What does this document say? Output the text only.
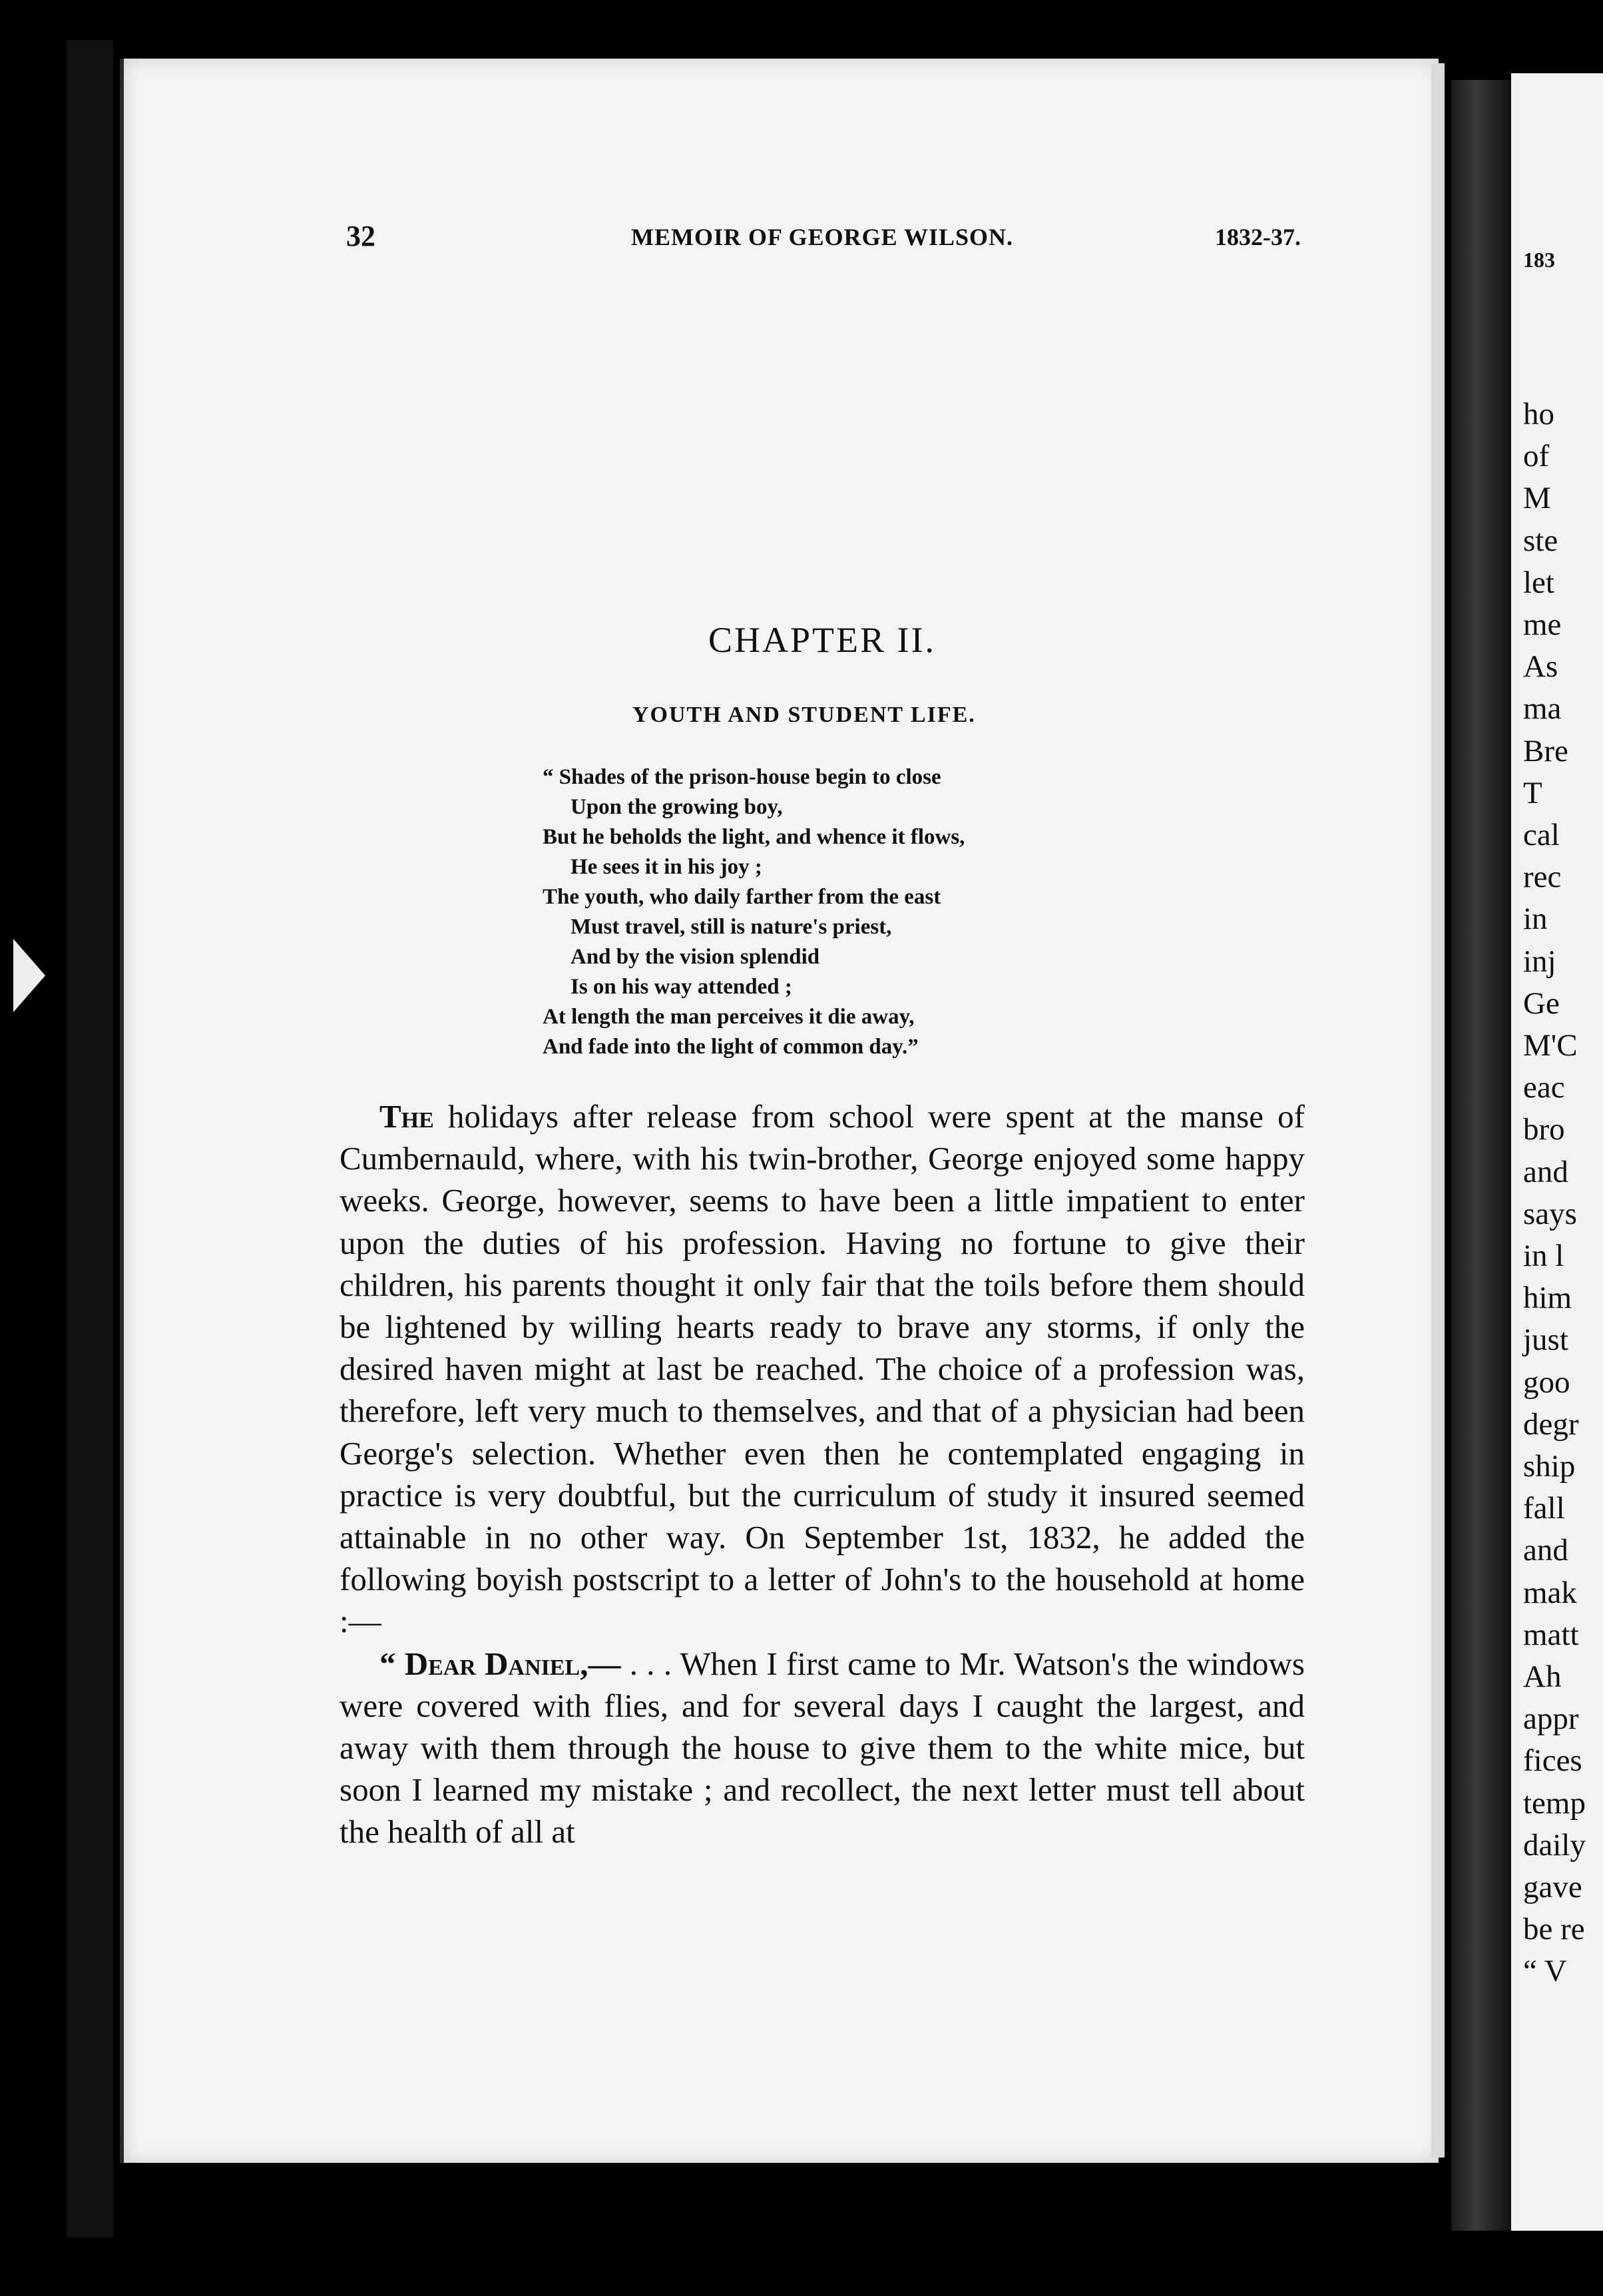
183
ho
of
M
ste
let
me
As
ma
Bre
T
cal
rec
in
inj
Ge
M'C
eac
bro
and
says
in l
him
just
goo
degr
ship
fall
and
mak
matt
Ah
appr
fices
temp
daily
gave
be re
“ V
32	MEMOIR OF GEORGE WILSON.	1832-37.
CHAPTER II.
YOUTH AND STUDENT LIFE.
“ Shades of the prison-house begin to close
Upon the growing boy,
But he beholds the light, and whence it flows,
He sees it in his joy ;
The youth, who daily farther from the east
Must travel, still is nature's priest,
And by the vision splendid
Is on his way attended ;
At length the man perceives it die away,
And fade into the light of common day.”

The holidays after release from school were spent at the manse of Cumbernauld, where, with his twin-brother, George enjoyed some happy weeks. George, however, seems to have been a little impatient to enter upon the duties of his profession. Having no fortune to give their children, his parents thought it only fair that the toils before them should be lightened by willing hearts ready to brave any storms, if only the desired haven might at last be reached. The choice of a profession was, therefore, left very much to themselves, and that of a physician had been George's selection. Whether even then he contemplated engaging in practice is very doubtful, but the curriculum of study it insured seemed attainable in no other way. On September 1st, 1832, he added the following boyish postscript to a letter of John's to the household at home :—

“ Dear Daniel,— . . . When I first came to Mr. Watson's the windows were covered with flies, and for several days I caught the largest, and away with them through the house to give them to the white mice, but soon I learned my mistake ; and recollect, the next letter must tell about the health of all at
